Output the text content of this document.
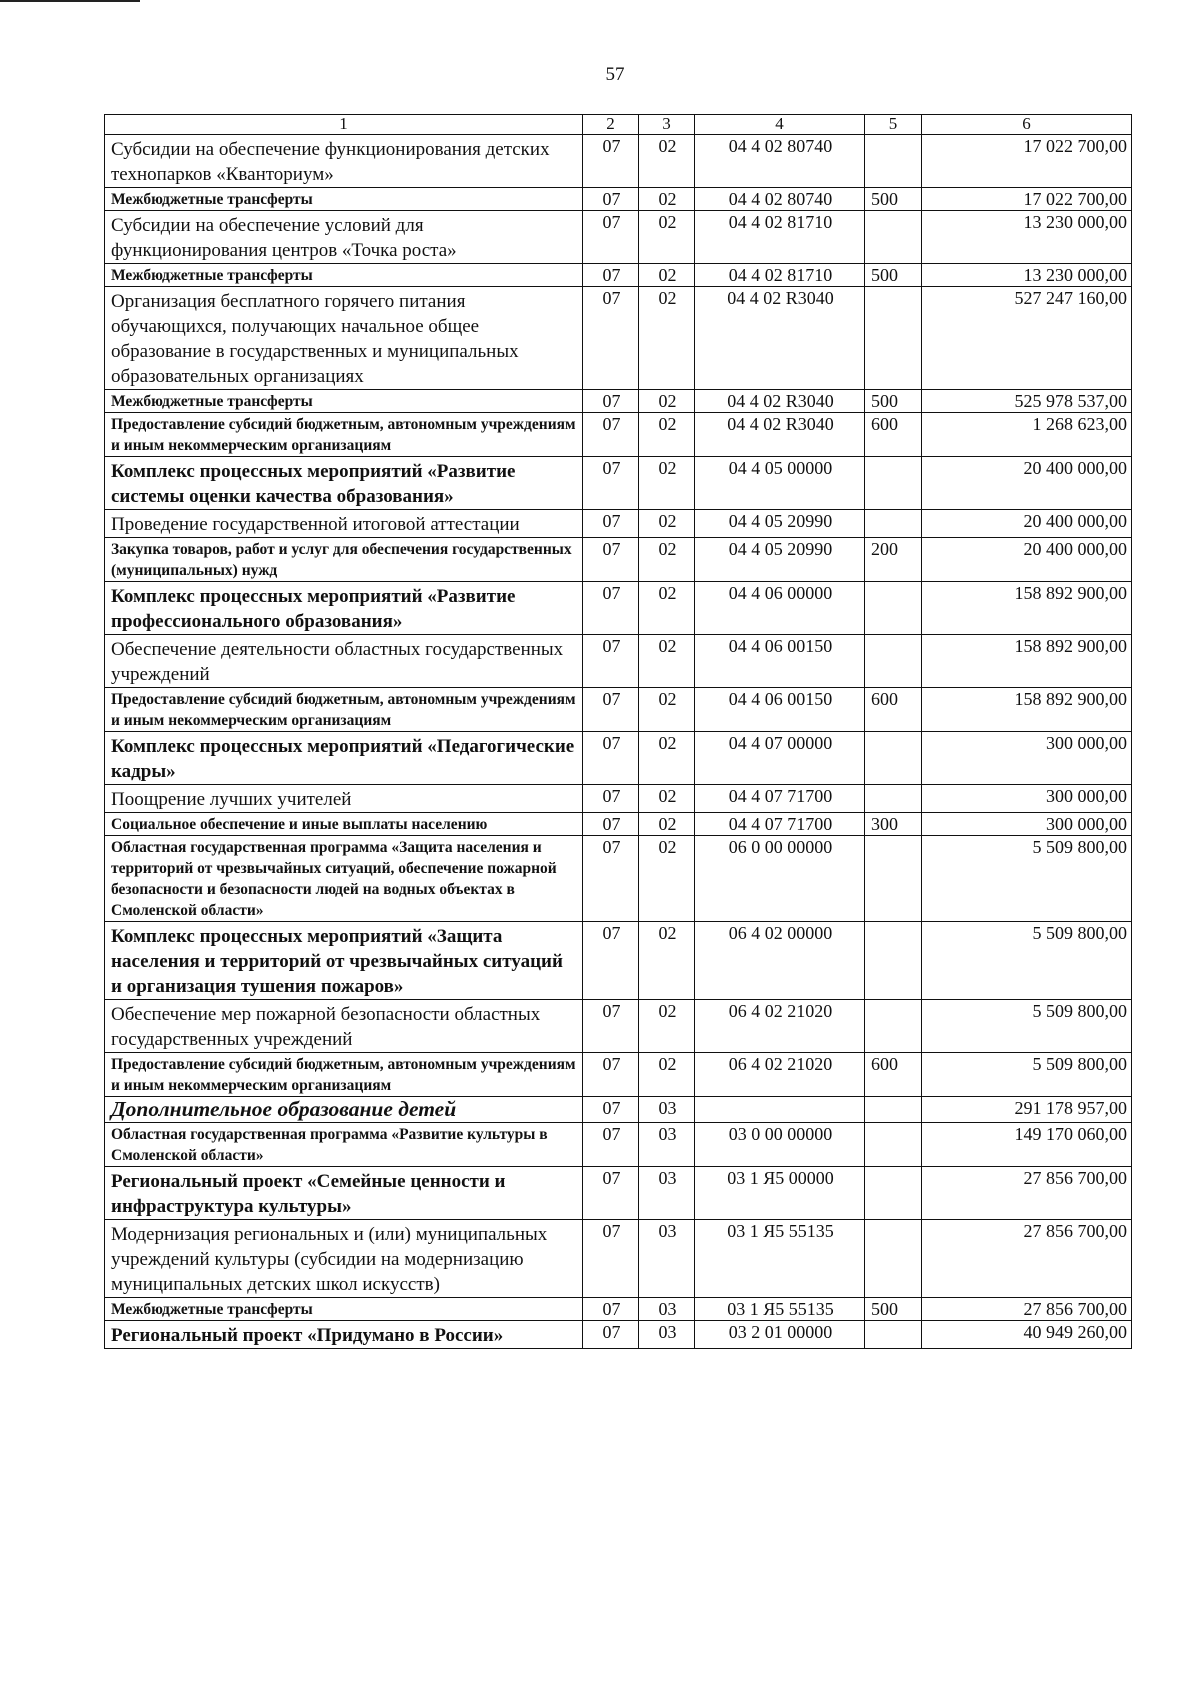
57
1	2	3	4	5	6
Субсидии на обеспечение функционирования детских технопарков «Кванториум»	07	02	04 4 02 80740		17 022 700,00
Межбюджетные трансферты	07	02	04 4 02 80740	500	17 022 700,00
Субсидии на обеспечение условий для функционирования центров «Точка роста»	07	02	04 4 02 81710		13 230 000,00
Межбюджетные трансферты	07	02	04 4 02 81710	500	13 230 000,00
Организация бесплатного горячего питания обучающихся, получающих начальное общее образование в государственных и муниципальных образовательных организациях	07	02	04 4 02 R3040		527 247 160,00
Межбюджетные трансферты	07	02	04 4 02 R3040	500	525 978 537,00
Предоставление субсидий бюджетным, автономным учреждениям и иным некоммерческим организациям	07	02	04 4 02 R3040	600	1 268 623,00
Комплекс процессных мероприятий «Развитие системы оценки качества образования»	07	02	04 4 05 00000		20 400 000,00
Проведение государственной итоговой аттестации	07	02	04 4 05 20990		20 400 000,00
Закупка товаров, работ и услуг для обеспечения государственных (муниципальных) нужд	07	02	04 4 05 20990	200	20 400 000,00
Комплекс процессных мероприятий «Развитие профессионального образования»	07	02	04 4 06 00000		158 892 900,00
Обеспечение деятельности областных государственных учреждений	07	02	04 4 06 00150		158 892 900,00
Предоставление субсидий бюджетным, автономным учреждениям и иным некоммерческим организациям	07	02	04 4 06 00150	600	158 892 900,00
Комплекс процессных мероприятий «Педагогические кадры»	07	02	04 4 07 00000		300 000,00
Поощрение лучших учителей	07	02	04 4 07 71700		300 000,00
Социальное обеспечение и иные выплаты населению	07	02	04 4 07 71700	300	300 000,00
Областная государственная программа «Защита населения и территорий от чрезвычайных ситуаций, обеспечение пожарной безопасности и безопасности людей на водных объектах в Смоленской области»	07	02	06 0 00 00000		5 509 800,00
Комплекс процессных мероприятий «Защита населения и территорий от чрезвычайных ситуаций и организация тушения пожаров»	07	02	06 4 02 00000		5 509 800,00
Обеспечение мер пожарной безопасности областных государственных учреждений	07	02	06 4 02 21020		5 509 800,00
Предоставление субсидий бюджетным, автономным учреждениям и иным некоммерческим организациям	07	02	06 4 02 21020	600	5 509 800,00
Дополнительное образование детей	07	03			291 178 957,00
Областная государственная программа «Развитие культуры в Смоленской области»	07	03	03 0 00 00000		149 170 060,00
Региональный проект «Семейные ценности и инфраструктура культуры»	07	03	03 1 Я5 00000		27 856 700,00
Модернизация региональных и (или) муниципальных учреждений культуры (субсидии на модернизацию муниципальных детских школ искусств)	07	03	03 1 Я5 55135		27 856 700,00
Межбюджетные трансферты	07	03	03 1 Я5 55135	500	27 856 700,00
Региональный проект «Придумано в России»	07	03	03 2 01 00000		40 949 260,00
